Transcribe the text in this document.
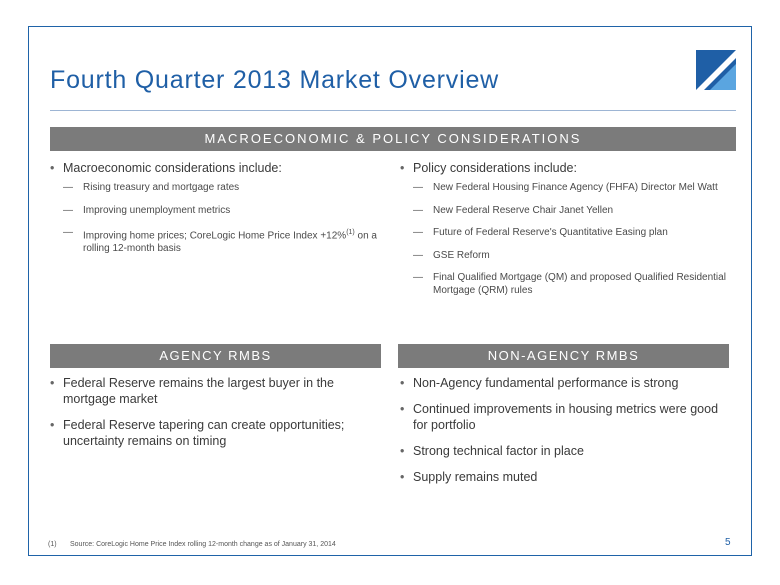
Fourth Quarter 2013 Market Overview
MACROECONOMIC & POLICY CONSIDERATIONS
• Macroeconomic considerations include:
— Rising treasury and mortgage rates
— Improving unemployment metrics
— Improving home prices; CoreLogic Home Price Index +12%$^{(1)}$ on a rolling 12-month basis
• Policy considerations include:
— New Federal Housing Finance Agency (FHFA) Director Mel Watt
— New Federal Reserve Chair Janet Yellen
— Future of Federal Reserve's Quantitative Easing plan
— GSE Reform
— Final Qualified Mortgage (QM) and proposed Qualified Residential Mortgage (QRM) rules
AGENCY RMBS	NON-AGENCY RMBS
• Federal Reserve remains the largest buyer in the mortgage market
• Federal Reserve tapering can create opportunities; uncertainty remains on timing
• Non-Agency fundamental performance is strong
• Continued improvements in housing metrics were good for portfolio
• Strong technical factor in place
• Supply remains muted
(1) Source: CoreLogic Home Price Index rolling 12-month change as of January 31, 2014	5
